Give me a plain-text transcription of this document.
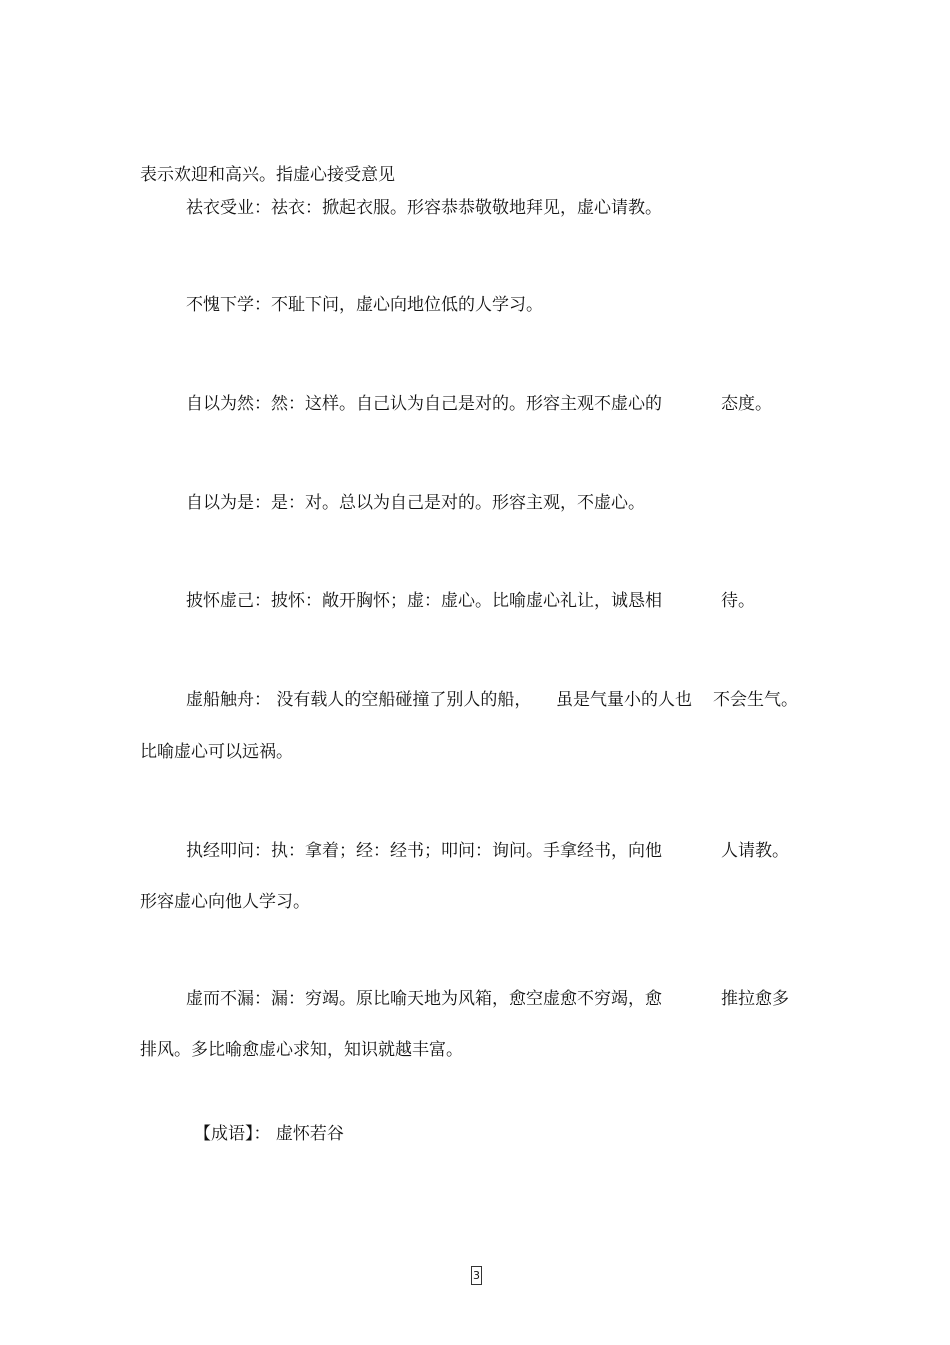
表示欢迎和高兴。指虚心接受意见

祛衣受业：祛衣：掀起衣服。形容恭恭敬敬地拜见，虚心请教。

不愧下学：不耻下问，虚心向地位低的人学习。

自以为然：然：这样。自己认为自己是对的。形容主观不虚心的	态度。

自以为是：是：对。总以为自己是对的。形容主观，不虚心。

披怀虚己：披怀：敞开胸怀；虚：虚心。比喻虚心礼让，诚恳相	待。

虚船触舟： 没有载人的空船碰撞了别人的船， 虽是气量小的人也 不会生气。

比喻虚心可以远祸。

执经叩问：执：拿着；经：经书；叩问：询问。手拿经书，向他	人请教。

形容虚心向他人学习。

虚而不漏：漏：穷竭。原比喻天地为风箱，愈空虚愈不穷竭，愈	推拉愈多

排风。多比喻愈虚心求知，知识就越丰富。

【成语】： 虚怀若谷

3
